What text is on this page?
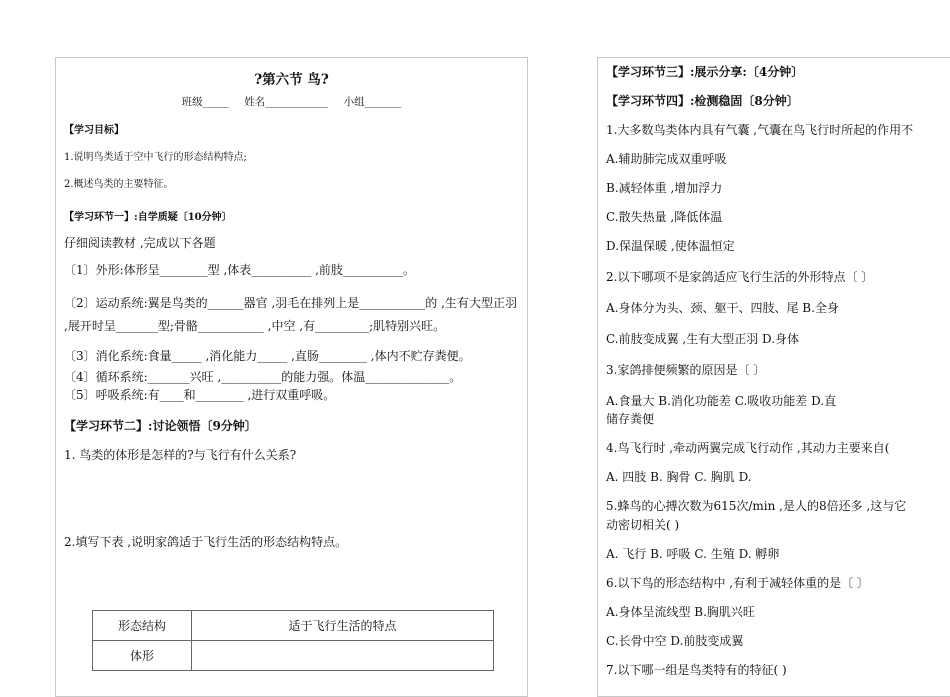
?第六节 鸟?
班级_____ 姓名____________ 小组_______
【学习目标】
1.说明鸟类适于空中飞行的形态结构特点;
2.概述鸟类的主要特征。
【学习环节一】:自学质疑〔10分钟〕
仔细阅读教材 ,完成以下各题
〔1〕外形:体形呈________型 ,体表__________ ,前肢__________。
〔2〕运动系统:翼是鸟类的______器官 ,羽毛在排列上是___________的 ,生有大型正羽 ,展开时呈_______型;骨骼___________ ,中空 ,有_________;肌特别兴旺。
〔3〕消化系统:食量_____ ,消化能力_____ ,直肠________ ,体内不贮存粪便。
〔4〕循环系统:_______兴旺 ,__________的能力强。体温______________。
〔5〕呼吸系统:有____和________ ,进行双重呼吸。
【学习环节二】:讨论领悟〔9分钟〕
1. 鸟类的体形是怎样的?与飞行有什么关系?
2.填写下表 ,说明家鸽适于飞行生活的形态结构特点。
形态结构	适于飞行生活的特点
体形	
【学习环节三】:展示分享:〔4分钟〕
【学习环节四】:检测稳固〔8分钟〕
1.大多数鸟类体内具有气囊 ,气囊在鸟飞行时所起的作用不
A.辅助肺完成双重呼吸
B.减轻体重 ,增加浮力
C.散失热量 ,降低体温
D.保温保暖 ,使体温恒定
2.以下哪项不是家鸽适应飞行生活的外形特点〔 〕
A.身体分为头、颈、躯干、四肢、尾 B.全身
C.前肢变成翼 ,生有大型正羽 D.身体
3.家鸽排便频繁的原因是〔 〕
A.食量大 B.消化功能差 C.吸收功能差 D.直
储存粪便
4.鸟飞行时 ,牵动两翼完成飞行动作 ,其动力主要来自(
A. 四肢 B. 胸骨 C. 胸肌 D.
5.蜂鸟的心搏次数为615次/min ,是人的8倍还多 ,这与它
动密切相关( )
A. 飞行 B. 呼吸 C. 生殖 D. 孵卵
6.以下鸟的形态结构中 ,有利于减轻体重的是〔 〕
A.身体呈流线型 B.胸肌兴旺
C.长骨中空 D.前肢变成翼
7.以下哪一组是鸟类特有的特征( )
